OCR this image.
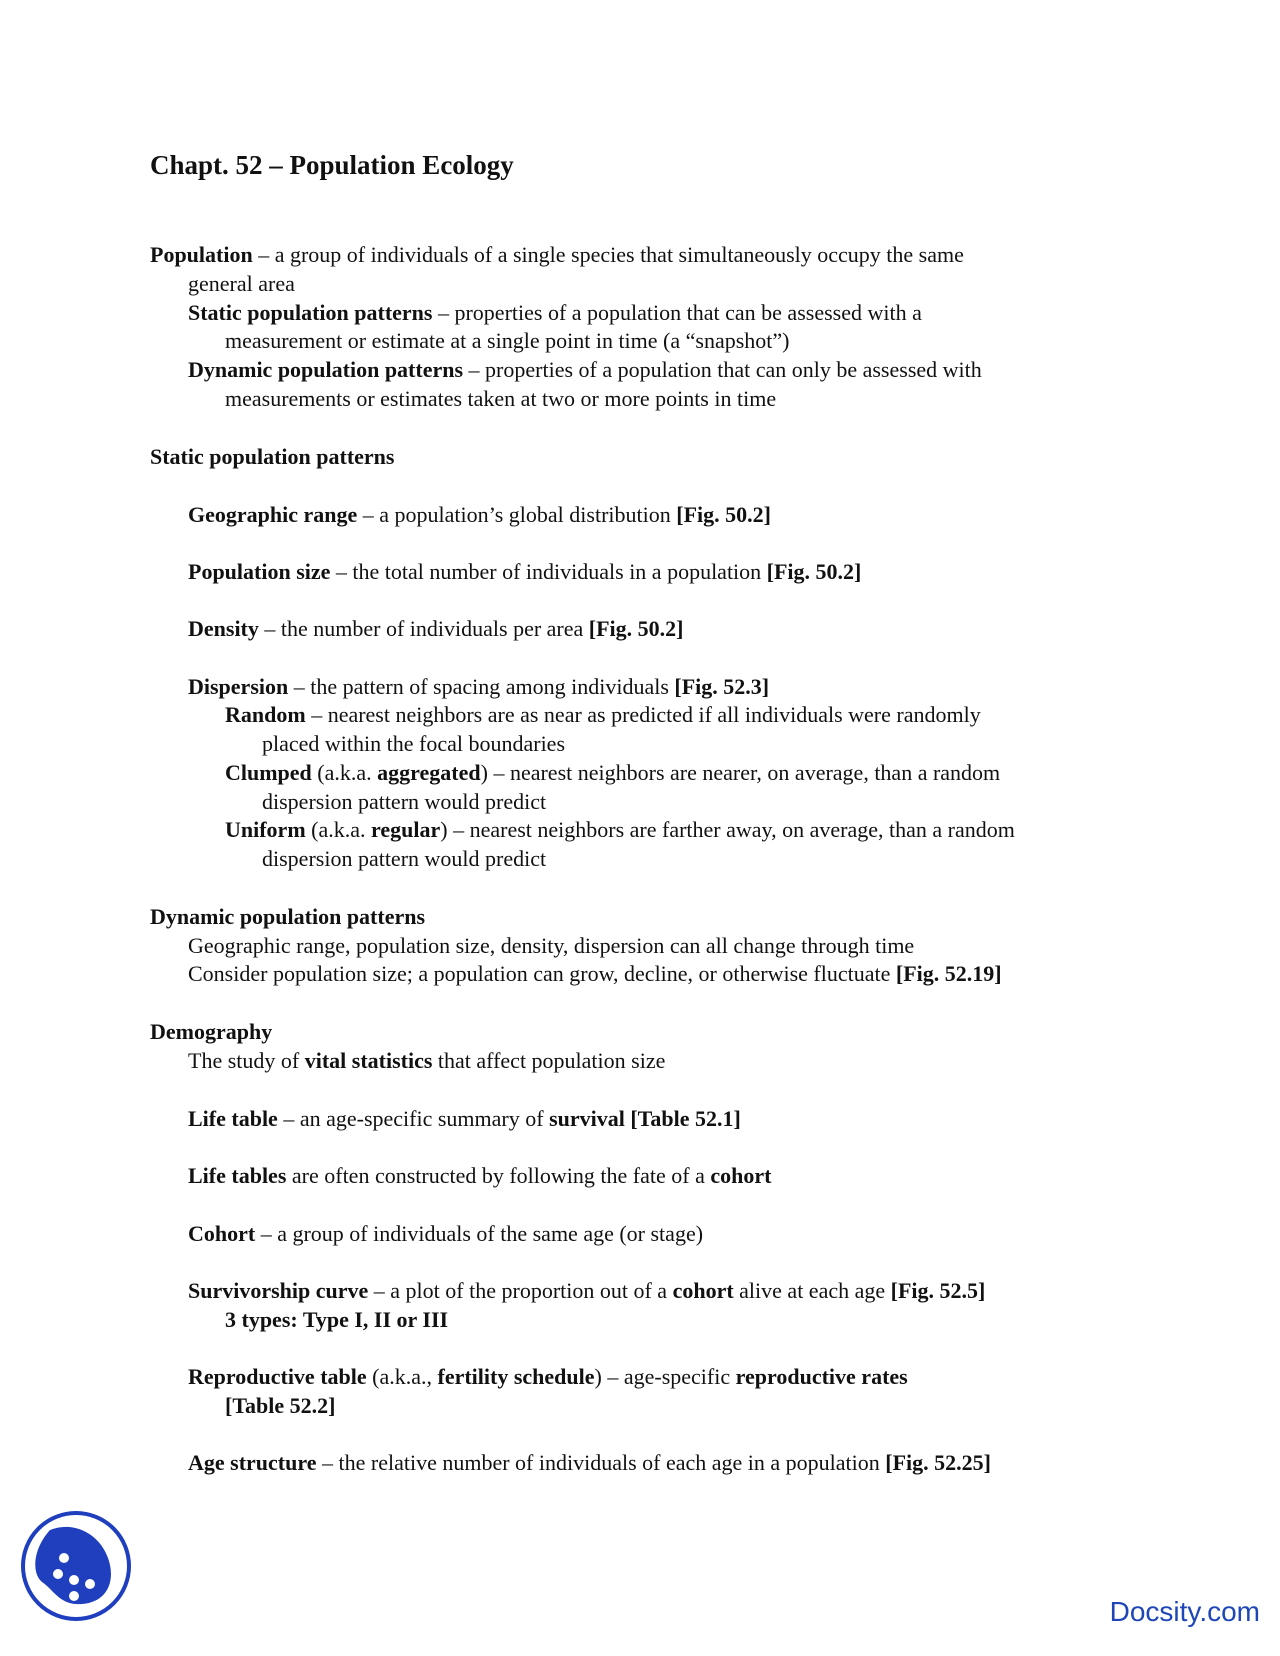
Chapt. 52 – Population Ecology
Population – a group of individuals of a single species that simultaneously occupy the same
general area
Static population patterns – properties of a population that can be assessed with a
measurement or estimate at a single point in time (a “snapshot”)
Dynamic population patterns – properties of a population that can only be assessed with
measurements or estimates taken at two or more points in time
Static population patterns
Geographic range – a population’s global distribution [Fig. 50.2]
Population size – the total number of individuals in a population [Fig. 50.2]
Density – the number of individuals per area [Fig. 50.2]
Dispersion – the pattern of spacing among individuals [Fig. 52.3]
Random – nearest neighbors are as near as predicted if all individuals were randomly
placed within the focal boundaries
Clumped (a.k.a. aggregated) – nearest neighbors are nearer, on average, than a random
dispersion pattern would predict
Uniform (a.k.a. regular) – nearest neighbors are farther away, on average, than a random
dispersion pattern would predict
Dynamic population patterns
Geographic range, population size, density, dispersion can all change through time
Consider population size; a population can grow, decline, or otherwise fluctuate [Fig. 52.19]
Demography
The study of vital statistics that affect population size
Life table – an age-specific summary of survival [Table 52.1]
Life tables are often constructed by following the fate of a cohort
Cohort – a group of individuals of the same age (or stage)
Survivorship curve – a plot of the proportion out of a cohort alive at each age [Fig. 52.5]
3 types: Type I, II or III
Reproductive table (a.k.a., fertility schedule) – age-specific reproductive rates
[Table 52.2]
Age structure – the relative number of individuals of each age in a population [Fig. 52.25]
Docsity.com
